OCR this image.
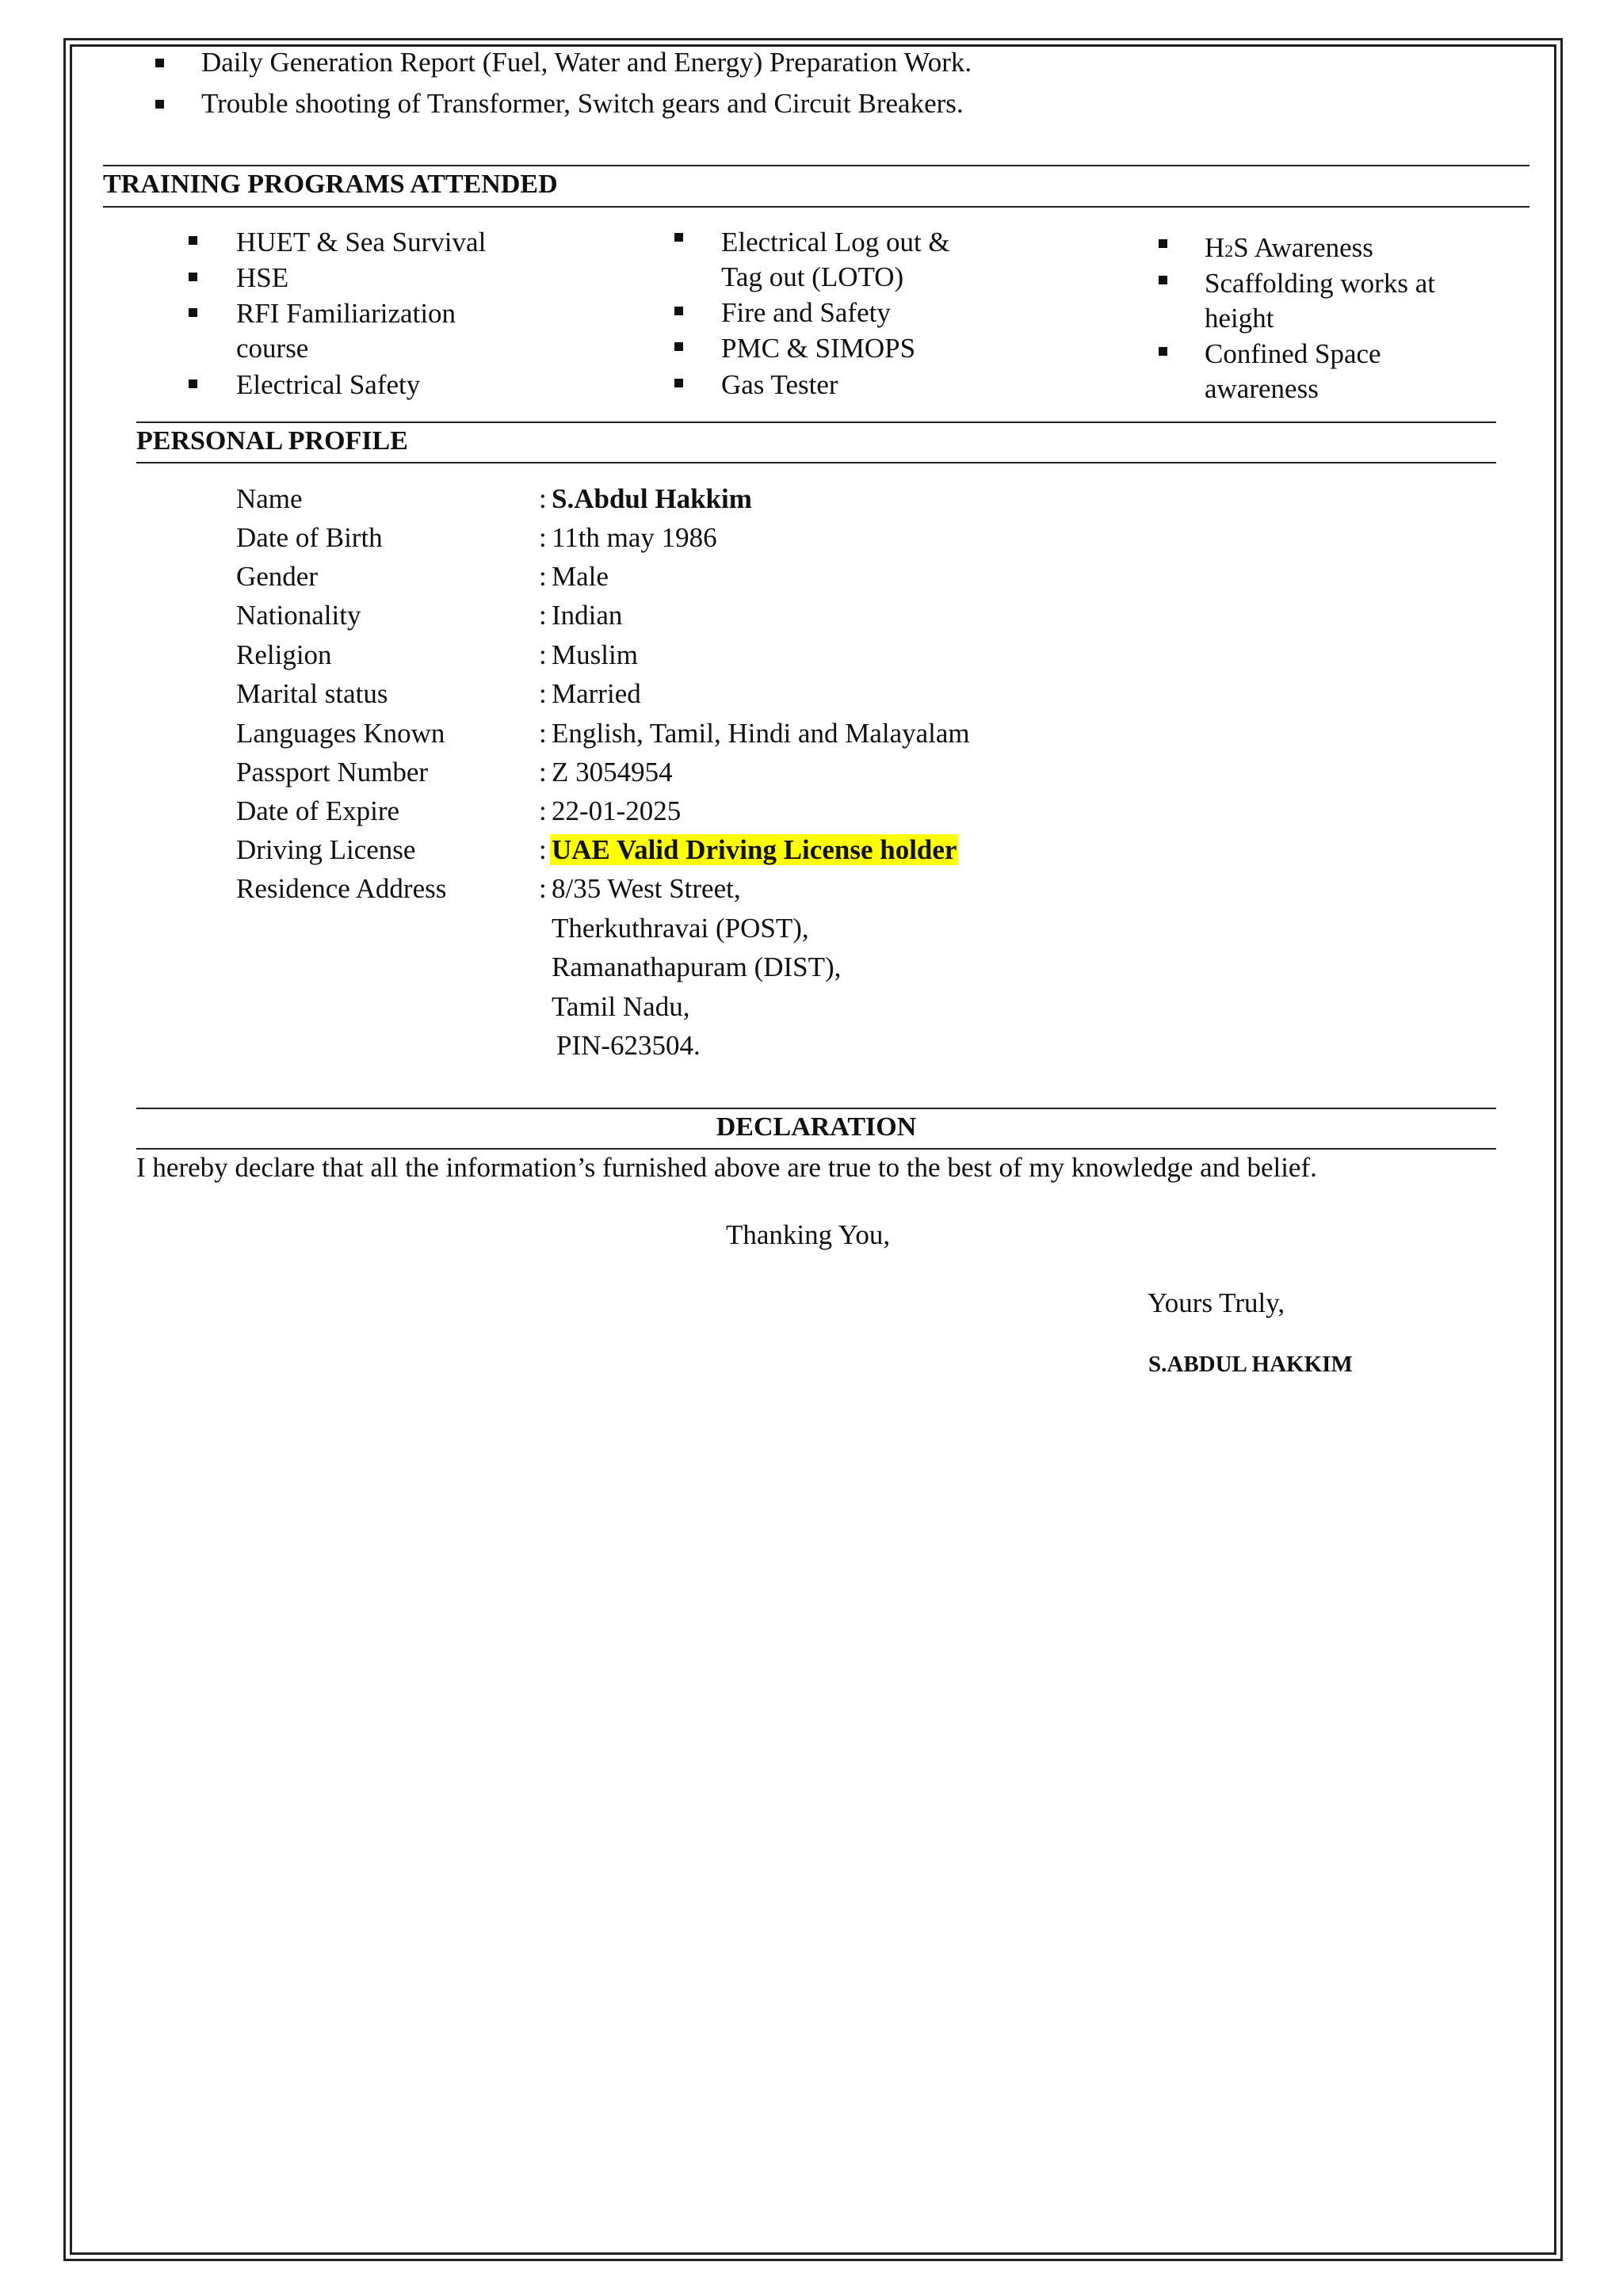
Daily Generation Report (Fuel, Water and Energy) Preparation Work.
Trouble shooting of Transformer, Switch gears and Circuit Breakers.
TRAINING PROGRAMS ATTENDED
HUET & Sea Survival
HSE
RFI Familiarization
course
Electrical Safety
Electrical Log out &
Tag out (LOTO)
Fire and Safety
PMC & SIMOPS
Gas Tester
H2S Awareness
Scaffolding works at
height
Confined Space
awareness
PERSONAL PROFILE
Name	: S.Abdul Hakkim
Date of Birth	: 11th may 1986
Gender	: Male
Nationality	: Indian
Religion	: Muslim
Marital status	: Married
Languages Known	: English, Tamil, Hindi and Malayalam
Passport Number	: Z 3054954
Date of Expire	: 22-01-2025
Driving License	: UAE Valid Driving License holder
Residence Address	: 8/35 West Street,
Therkuthravai (POST),
Ramanathapuram (DIST),
Tamil Nadu,
PIN-623504.
DECLARATION
I hereby declare that all the information’s furnished above are true to the best of my knowledge and belief.
Thanking You,
Yours Truly,
S.ABDUL HAKKIM
